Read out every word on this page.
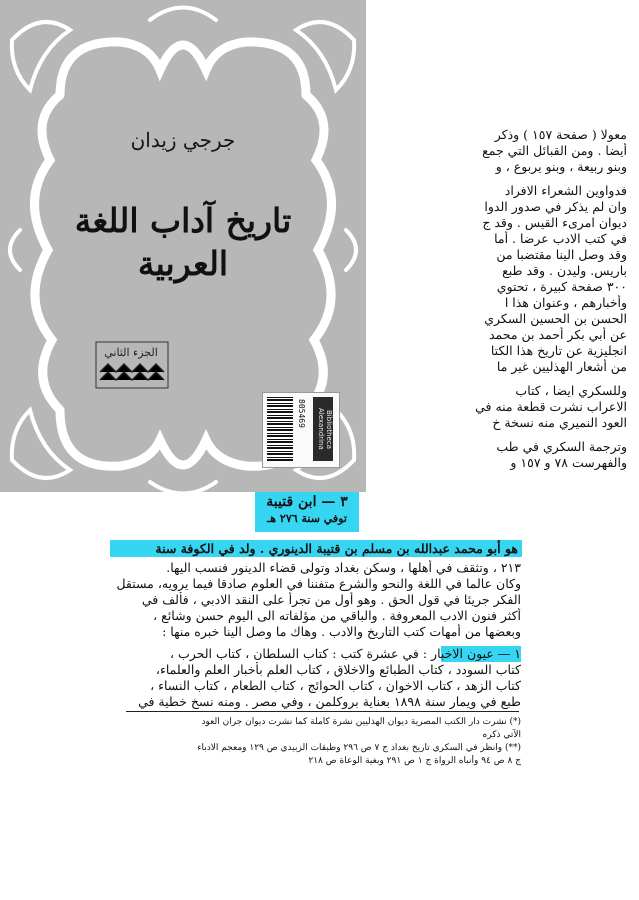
جرجي زيدان
تاريخ آداب اللغة العربية
الجزء الثاني
805469	Bibliotheca Alexandrina
معولا ( صفحة ١٥٧ ) وذكر
أيضا . ومن القبائل التي جمع
وبنو ربيعة ، وبنو يربوع ، و
فدواوين الشعراء الافراد
وان لم يذكر في صدور الدوا
ديوان امرىء القيس . وقد ج
في كتب الادب عرضا . أما
وقد وصل الينا مقتضبا من
باريس. وليدن . وقد طبع
٣٠٠ صفحة كبيرة ، تحتوي
وأخبارهم ، وعنوان هذا ا
الحسن بن الحسين السكري
عن أبي بكر أحمد بن محمد
انجليزية عن تاريخ هذا الكتا
من أشعار الهذليين غير ما
وللسكري ايضا ، كتاب
الاعراب نشرت قطعة منه في
العود النميري منه نسخة خ
وترجمة السكري في طب
والفهرست ٧٨ و ١٥٧ و
٣ — ابن قتيبة
توفي سنة ٢٧٦ هـ
هو أبو محمد عبدالله بن مسلم بن قتيبة الدينوري . ولد في الكوفة سنة
٢١٣ ، وتثقف في أهلها ، وسكن بغداد وتولى قضاء الدينور فنسب اليها.
وكان عالما في اللغة والنحو والشرع متفننا في العلوم صادقا فيما يرويه، مستقل
الفكر جريئا في قول الحق . وهو أول من تجرأ على النقد الادبي ، فألف في
أكثر فنون الادب المعروفة . والباقي من مؤلفاته الى اليوم حسن وشائع ،
وبعضها من أمهات كتب التاريخ والادب . وهاك ما وصل الينا خبره منها :
١ — عيون الاخبار : في عشرة كتب : كتاب السلطان ، كتاب الحرب ،
كتاب السودد ، كتاب الطبائع والاخلاق ، كتاب العلم بأخبار العلم والعلماء،
(*) نشرت دار الكتب المصرية ديوان الهذليين نشرة كاملة كما نشرت ديوان جران العود
الآتي ذكره
(**) وانظر في السكري تاريخ بغداد ج ٧ ص ٢٩٦ وطبقات الزبيدي ص ١٢٩ ومعجم الادباء
ج ٨ ص ٩٤ وأنباه الرواة ج ١ ص ٢٩١ وبغية الوعاة ص ٢١٨
كتاب الزهد ، كتاب الاخوان ، كتاب الحوائج ، كتاب الطعام ، كتاب النساء ،
طبع في ويمار سنة ١٨٩٨ بعناية بروكلمن ، وفي مصر . ومنه نسخ خطية في
